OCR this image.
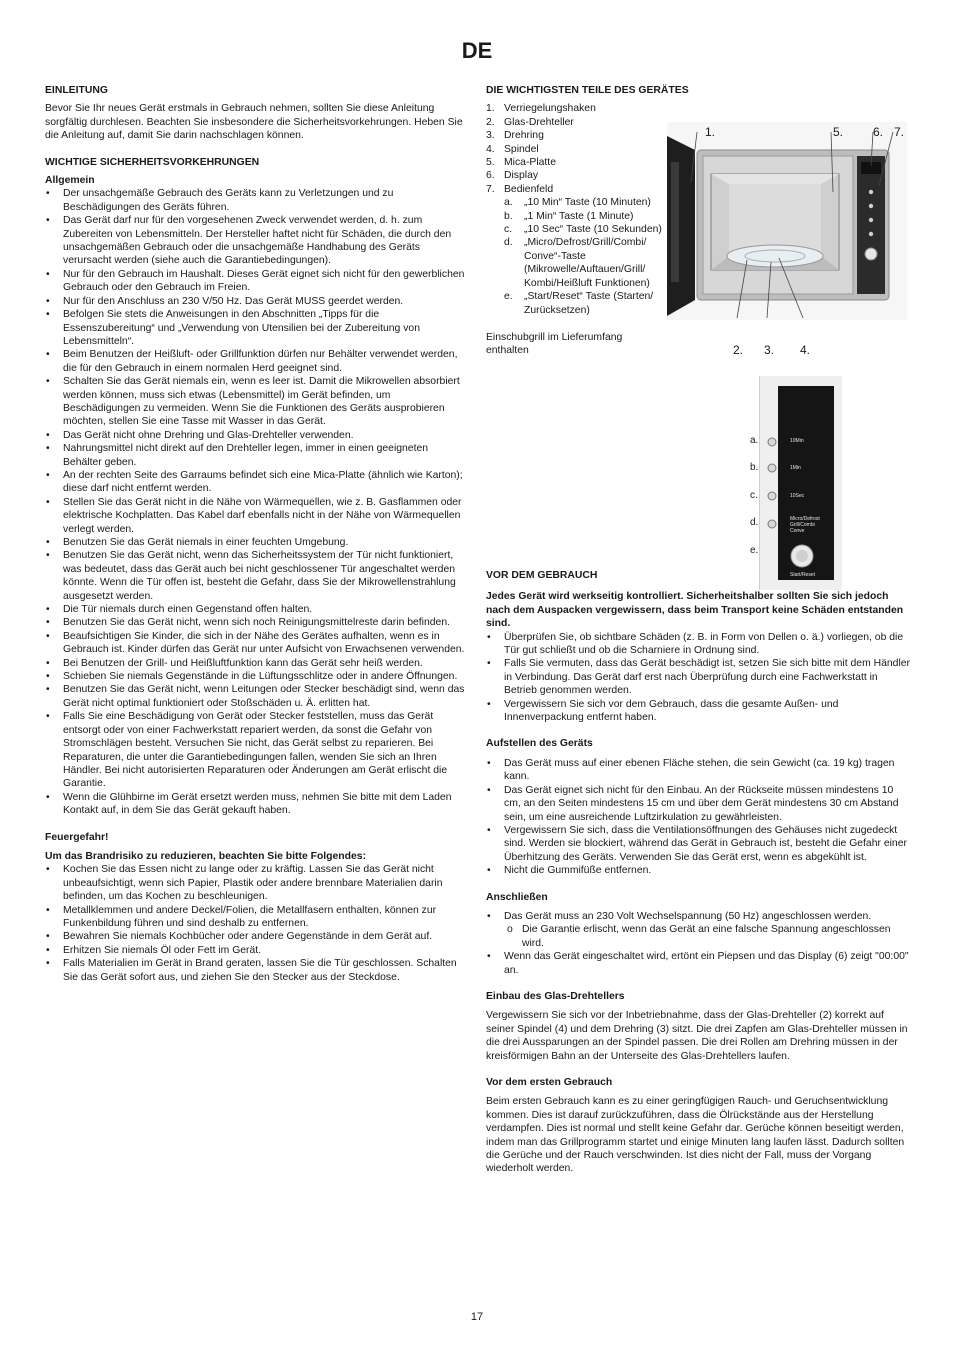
DE
EINLEITUNG

Bevor Sie Ihr neues Gerät erstmals in Gebrauch nehmen, sollten Sie diese Anleitung sorgfältig durchlesen. Beachten Sie insbesondere die Sicherheitsvorkehrungen. Heben Sie die Anleitung auf, damit Sie darin nachschlagen können.

WICHTIGE SICHERHEITSVORKEHRUNGEN
Allgemein
• Der unsachgemäße Gebrauch des Geräts kann zu Verletzungen und zu Beschädigungen des Geräts führen.
• Das Gerät darf nur für den vorgesehenen Zweck verwendet werden, d. h. zum Zubereiten von Lebensmitteln. Der Hersteller haftet nicht für Schäden, die durch den unsachgemäßen Gebrauch oder die unsachgemäße Handhabung des Geräts verursacht werden (siehe auch die Garantiebedingungen).
• Nur für den Gebrauch im Haushalt. Dieses Gerät eignet sich nicht für den gewerblichen Gebrauch oder den Gebrauch im Freien.
• Nur für den Anschluss an 230 V/50 Hz. Das Gerät MUSS geerdet werden.
• Befolgen Sie stets die Anweisungen in den Abschnitten „Tipps für die Essenszubereitung“ und „Verwendung von Utensilien bei der Zubereitung von Lebensmitteln“.
• Beim Benutzen der Heißluft- oder Grillfunktion dürfen nur Behälter verwendet werden, die für den Gebrauch in einem normalen Herd geeignet sind.
• Schalten Sie das Gerät niemals ein, wenn es leer ist. Damit die Mikrowellen absorbiert werden können, muss sich etwas (Lebensmittel) im Gerät befinden, um Beschädigungen zu vermeiden. Wenn Sie die Funktionen des Geräts ausprobieren möchten, stellen Sie eine Tasse mit Wasser in das Gerät.
• Das Gerät nicht ohne Drehring und Glas-Drehteller verwenden.
• Nahrungsmittel nicht direkt auf den Drehteller legen, immer in einen geeigneten Behälter geben.
• An der rechten Seite des Garraums befindet sich eine Mica-Platte (ähnlich wie Karton); diese darf nicht entfernt werden.
• Stellen Sie das Gerät nicht in die Nähe von Wärmequellen, wie z. B. Gasflammen oder elektrische Kochplatten. Das Kabel darf ebenfalls nicht in der Nähe von Wärmequellen verlegt werden.
• Benutzen Sie das Gerät niemals in einer feuchten Umgebung.
• Benutzen Sie das Gerät nicht, wenn das Sicherheitssystem der Tür nicht funktioniert, was bedeutet, dass das Gerät auch bei nicht geschlossener Tür angeschaltet werden könnte. Wenn die Tür offen ist, besteht die Gefahr, dass Sie der Mikrowellenstrahlung ausgesetzt werden.
• Die Tür niemals durch einen Gegenstand offen halten.
• Benutzen Sie das Gerät nicht, wenn sich noch Reinigungsmittelreste darin befinden.
• Beaufsichtigen Sie Kinder, die sich in der Nähe des Gerätes aufhalten, wenn es in Gebrauch ist. Kinder dürfen das Gerät nur unter Aufsicht von Erwachsenen verwenden.
• Bei Benutzen der Grill- und Heißluftfunktion kann das Gerät sehr heiß werden.
• Schieben Sie niemals Gegenstände in die Lüftungsschlitze oder in andere Öffnungen.
• Benutzen Sie das Gerät nicht, wenn Leitungen oder Stecker beschädigt sind, wenn das Gerät nicht optimal funktioniert oder Stoßschäden u. Ä. erlitten hat.
• Falls Sie eine Beschädigung von Gerät oder Stecker feststellen, muss das Gerät entsorgt oder von einer Fachwerkstatt repariert werden, da sonst die Gefahr von Stromschlägen besteht. Versuchen Sie nicht, das Gerät selbst zu reparieren. Bei Reparaturen, die unter die Garantiebedingungen fallen, wenden Sie sich an Ihren Händler. Bei nicht autorisierten Reparaturen oder Änderungen am Gerät erlischt die Garantie.
• Wenn die Glühbirne im Gerät ersetzt werden muss, nehmen Sie bitte mit dem Laden Kontakt auf, in dem Sie das Gerät gekauft haben.
Feuergefahr!
Um das Brandrisiko zu reduzieren, beachten Sie bitte Folgendes:
• Kochen Sie das Essen nicht zu lange oder zu kräftig. Lassen Sie das Gerät nicht unbeaufsichtigt, wenn sich Papier, Plastik oder andere brennbare Materialien darin befinden, um das Kochen zu beschleunigen.
• Metallklemmen und andere Deckel/Folien, die Metallfasern enthalten, können zur Funkenbildung führen und sind deshalb zu entfernen.
• Bewahren Sie niemals Kochbücher oder andere Gegenstände in dem Gerät auf.
• Erhitzen Sie niemals Öl oder Fett im Gerät.
• Falls Materialien im Gerät in Brand geraten, lassen Sie die Tür geschlossen. Schalten Sie das Gerät sofort aus, und ziehen Sie den Stecker aus der Steckdose.
DIE WICHTIGSTEN TEILE DES GERÄTES
1. Verriegelungshaken
2. Glas-Drehteller
3. Drehring
4. Spindel
5. Mica-Platte
6. Display
7. Bedienfeld
a. „10 Min“ Taste (10 Minuten)
b. „1 Min“ Taste (1 Minute)
c. „10 Sec“ Taste (10 Sekunden)
d. „Micro/Defrost/Grill/Combi/ Conve“-Taste (Mikrowelle/Auftauen/Grill/ Kombi/Heißluft Funktionen)
e. „Start/Reset“ Taste (Starten/ Zurücksetzen)

Einschubgrill im Lieferumfang enthalten

1.	5. 6. 7.
2. 3. 4.
10Min
1Min
10Sec
Micro/Defrost
Grill/Combi
Conve
Start/Reset
a.
b.
c.
d.
e.
VOR DEM GEBRAUCH
Jedes Gerät wird werkseitig kontrolliert. Sicherheitshalber sollten Sie sich jedoch nach dem Auspacken vergewissern, dass beim Transport keine Schäden entstanden sind.
• Überprüfen Sie, ob sichtbare Schäden (z. B. in Form von Dellen o. ä.) vorliegen, ob die Tür gut schließt und ob die Scharniere in Ordnung sind.
• Falls Sie vermuten, dass das Gerät beschädigt ist, setzen Sie sich bitte mit dem Händler in Verbindung. Das Gerät darf erst nach Überprüfung durch eine Fachwerkstatt in Betrieb genommen werden.
• Vergewissern Sie sich vor dem Gebrauch, dass die gesamte Außen- und Innenverpackung entfernt haben.
Aufstellen des Geräts
• Das Gerät muss auf einer ebenen Fläche stehen, die sein Gewicht (ca. 19 kg) tragen kann.
• Das Gerät eignet sich nicht für den Einbau. An der Rückseite müssen mindestens 10 cm, an den Seiten mindestens 15 cm und über dem Gerät mindestens 30 cm Abstand sein, um eine ausreichende Luftzirkulation zu gewährleisten.
• Vergewissern Sie sich, dass die Ventilationsöffnungen des Gehäuses nicht zugedeckt sind. Werden sie blockiert, während das Gerät in Gebrauch ist, besteht die Gefahr einer Überhitzung des Geräts. Verwenden Sie das Gerät erst, wenn es abgekühlt ist.
• Nicht die Gummifüße entfernen.
Anschließen
• Das Gerät muss an 230 Volt Wechselspannung (50 Hz) angeschlossen werden.
o Die Garantie erlischt, wenn das Gerät an eine falsche Spannung angeschlossen wird.
• Wenn das Gerät eingeschaltet wird, ertönt ein Piepsen und das Display (6) zeigt "00:00" an.
Einbau des Glas-Drehtellers

Vergewissern Sie sich vor der Inbetriebnahme, dass der Glas-Drehteller (2) korrekt auf seiner Spindel (4) und dem Drehring (3) sitzt. Die drei Zapfen am Glas-Drehteller müssen in die drei Aussparungen an der Spindel passen. Die drei Rollen am Drehring müssen in der kreisförmigen Bahn an der Unterseite des Glas-Drehtellers laufen.

Vor dem ersten Gebrauch

Beim ersten Gebrauch kann es zu einer geringfügigen Rauch- und Geruchsentwicklung kommen. Dies ist darauf zurückzuführen, dass die Ölrückstände aus der Herstellung verdampfen. Dies ist normal und stellt keine Gefahr dar. Gerüche können beseitigt werden, indem man das Grillprogramm startet und einige Minuten lang laufen lässt. Dadurch sollten die Gerüche und der Rauch verschwinden. Ist dies nicht der Fall, muss der Vorgang wiederholt werden.

17
